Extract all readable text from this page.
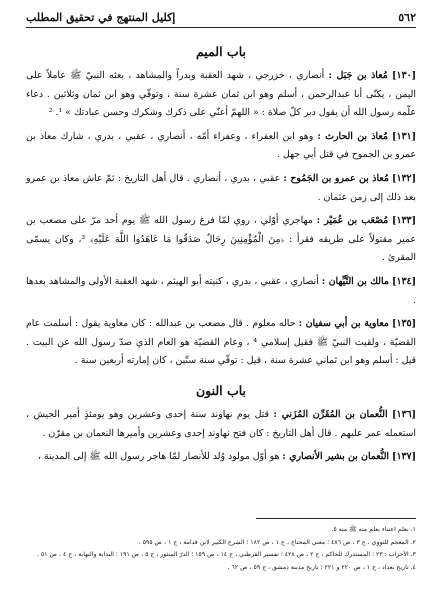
٥٦٢
إكليل المنتهج في تحقيق المطلب
باب الميم

[١٣٠] مُعاذ بن جَبَل : أنصاري ، خزرجي ، شهد العقبة وبدراً والمشاهد ، بعثه النبيّ ﷺ عاملاً على اليمن ، يكنّى أبا عبدالرحمن ، أسلم وهو ابن ثمان عشرة سنة ، وتوفّي وهو ابن ثمان وثلاثين . دعاء علّمه رسول الله أن يقول دبر كلّ صلاة : « اللهمّ أعنّي على ذكرك وشكرك وحسن عبادتك » ¹. ²

[١٣١] مُعاذ بن الحارث : وهو ابن العفراء ، وعفراء أمّه ، أنصاري ، عقبي ، بدري ، شارك معاذ بن عمرو بن الجموح في قتل أبي جهل .

[١٣٢] مُعاذ بن عمرو بن الجَمُوح : عقبي ، بدري ، أنصاري . قال أهل التاريخ : ثمّ عاش معاذ بن عمرو بعد ذلك إلى زمن عثمان .

[١٣٣] مُصْعَب بن عُمَيْر : مهاجري أوّلي ، روي لمّا فرغ رسول الله ﷺ يوم أحد مرّ على مصعب بن عمير مقتولاً على طريقه فقرأ : ﴿مِنَ الْمُؤْمِنِينَ رِجَالٌ صَدَقُوا مَا عَاهَدُوا اللَّهَ عَلَيْهِ﴾ ³، وكان يسمّى المقرئ .

[١٣٤] مالك بن التَّيِّهان : أنصاري ، عقبي ، بدري ، كنيته أبو الهيثم ، شهد العقبة الأولى والمشاهد بعدها .

[١٣٥] معاوية بن أبي سفيان : حاله معلوم . قال مصعب بن عبدالله : كان معاوية يقول : أسلمت عام القضيّة ، ولقيت النبيّ ﷺ فقبل إسلامي ⁴ ، وعام القضيّة هو العام الذي صدّ رسول الله عن البيت . قيل : أسلم وهو ابن ثماني عشرة سنة ، قيل : توفّي سنة ستّين ، كان إمارته أربعين سنة .

باب النون

[١٣٦] النُّعمان بن المُقَرِّن المُزَني : قتل يوم نهاوند سنة إحدى وعشرين وهو يومئذٍ أمير الجيش ، استعمله عمر عليهم . قال أهل التاريخ : كان فتح نهاوند إحدى وعشرين وأميرها النعمان بن مقرّن .

[١٣٧] النُّعمان بن بشير الأنصاري : هو أوّل مولود وُلد للأنصار لمّا هاجر رسول الله ﷺ إلى المدينة ،

١. بعلم اعتناء بعلم منه ﷺ منه ٥.

٢. المعجم للنووي ، ج ٣ ، ص ٤٨٦ ؛ مغني المحتاج ، ج ١ ، ص ١٨٢ ؛ الشرح الكبير لابن قدامة ، ج ١ ، ص ٥٩٥ .

٣. الأحزاب : ٢٣ ؛ المستدرك للحاكم ، ج ٢ ، ص ٤٢٨ ؛ تفسير القرطبي ، ج ١٤ ، ص ١٥٩ ؛ الدرّ المنثور ، ج ٥ ، ص ١٩١ ؛ البداية والنهاية ، ج ٤ ، ص ٥١ .

٤. تاريخ بغداد ، ج ١ ، ص ٢٢٠ و ٢٢١ ؛ تاريخ مدينة دمشق ، ج ٥٩ ، ص ٦٢ .
